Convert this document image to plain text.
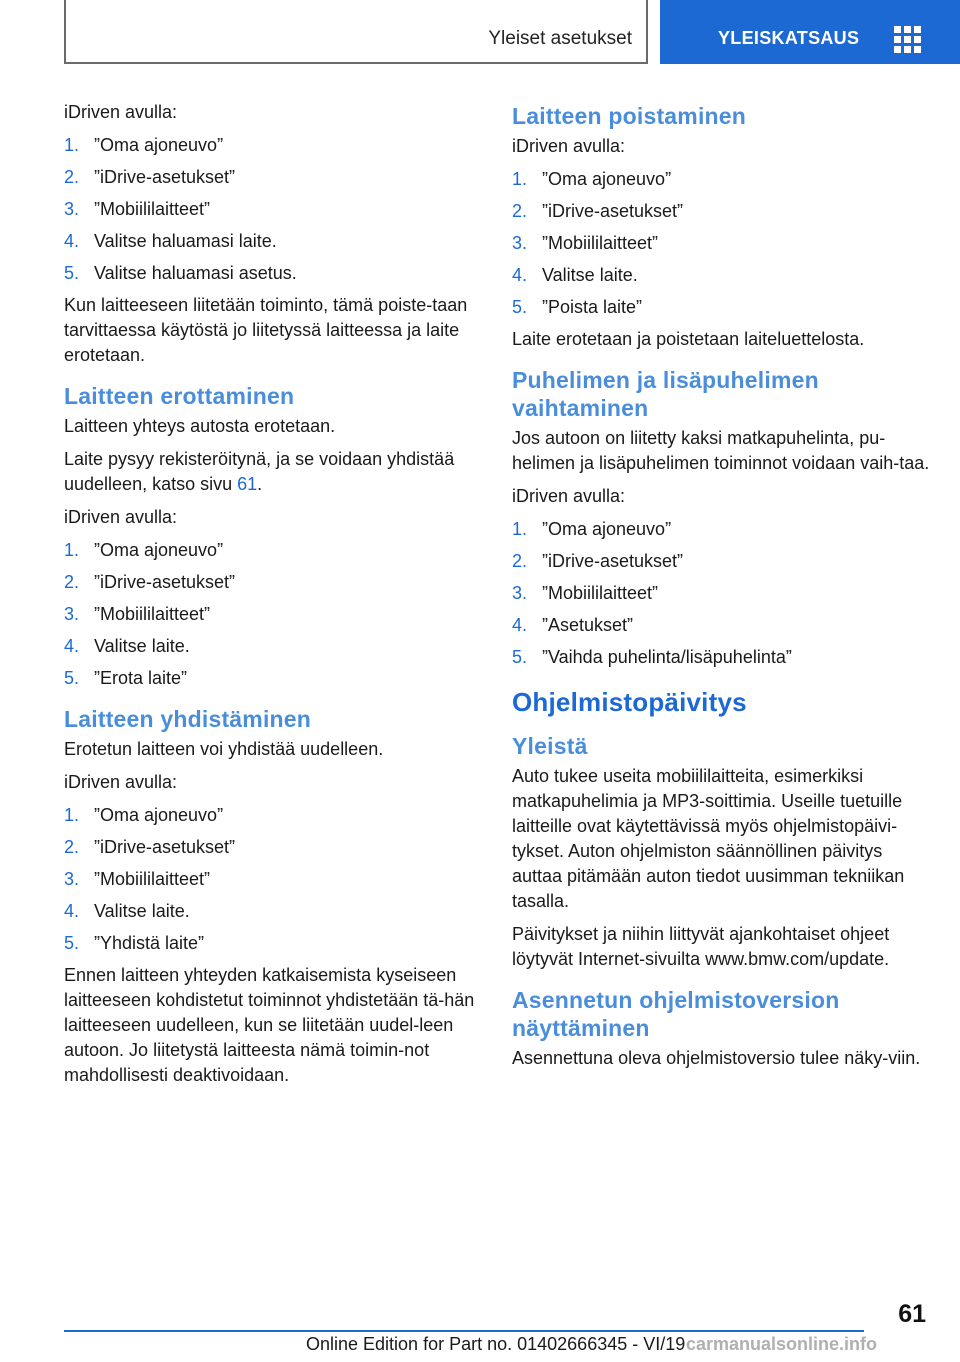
Yleiset asetukset	YLEISKATSAUS

iDriven avulla:

1. ”Oma ajoneuvo”
2. ”iDrive-asetukset”
3. ”Mobiililaitteet”
4. Valitse haluamasi laite.
5. Valitse haluamasi asetus.

Kun laitteeseen liitetään toiminto, tämä poiste-taan tarvittaessa käytöstä jo liitetyssä laitteessa ja laite erotetaan.

Laitteen erottaminen

Laitteen yhteys autosta erotetaan.

Laite pysyy rekisteröitynä, ja se voidaan yhdistää uudelleen, katso sivu 61.

iDriven avulla:

1. ”Oma ajoneuvo”
2. ”iDrive-asetukset”
3. ”Mobiililaitteet”
4. Valitse laite.
5. ”Erota laite”
Laitteen yhdistäminen

Erotetun laitteen voi yhdistää uudelleen.

iDriven avulla:

1. ”Oma ajoneuvo”
2. ”iDrive-asetukset”
3. ”Mobiililaitteet”
4. Valitse laite.
5. ”Yhdistä laite”

Ennen laitteen yhteyden katkaisemista kyseiseen laitteeseen kohdistetut toiminnot yhdistetään tä-hän laitteeseen uudelleen, kun se liitetään uudel-leen autoon. Jo liitetystä laitteesta nämä toimin-not mahdollisesti deaktivoidaan.

Laitteen poistaminen

iDriven avulla:

1. ”Oma ajoneuvo”
2. ”iDrive-asetukset”
3. ”Mobiililaitteet”
4. Valitse laite.
5. ”Poista laite”

Laite erotetaan ja poistetaan laiteluettelosta.

Puhelimen ja lisäpuhelimen vaihtaminen

Jos autoon on liitetty kaksi matkapuhelinta, pu-helimen ja lisäpuhelimen toiminnot voidaan vaih-taa.

iDriven avulla:

1. ”Oma ajoneuvo”
2. ”iDrive-asetukset”
3. ”Mobiililaitteet”
4. ”Asetukset”
5. ”Vaihda puhelinta/lisäpuhelinta”
Ohjelmistopäivitys
Yleistä

Auto tukee useita mobiililaitteita, esimerkiksi matkapuhelimia ja MP3-soittimia. Useille tuetuille laitteille ovat käytettävissä myös ohjelmistopäivi-tykset. Auton ohjelmiston säännöllinen päivitys auttaa pitämään auton tiedot uusimman tekniikan tasalla.

Päivitykset ja niihin liittyvät ajankohtaiset ohjeet löytyvät Internet-sivuilta www.bmw.com/update.

Asennetun ohjelmistoversion näyttäminen

Asennettuna oleva ohjelmistoversio tulee näky-viin.

61
Online Edition for Part no. 01402666345 - VI/19 carmanualsonline.info
